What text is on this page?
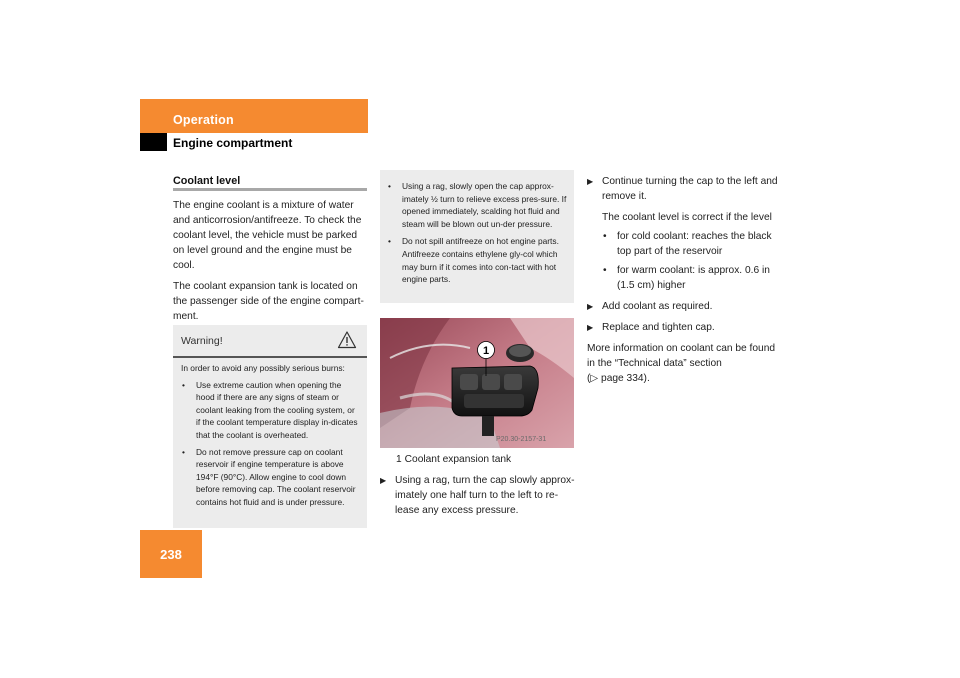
Operation
Engine compartment
Coolant level

The engine coolant is a mixture of water and anticorrosion/antifreeze. To check the coolant level, the vehicle must be parked on level ground and the engine must be cool.

The coolant expansion tank is located on the passenger side of the engine compart-ment.

Warning!

In order to avoid any possibly serious burns:

• Use extreme caution when opening the hood if there are any signs of steam or coolant leaking from the cooling system, or if the coolant temperature display in-dicates that the coolant is overheated.

• Do not remove pressure cap on coolant reservoir if engine temperature is above 194°F (90°C). Allow engine to cool down before removing cap. The coolant reservoir contains hot fluid and is under pressure.

• Using a rag, slowly open the cap approx-imately ½ turn to relieve excess pres-sure. If opened immediately, scalding hot fluid and steam will be blown out un-der pressure.

• Do not spill antifreeze on hot engine parts. Antifreeze contains ethylene gly-col which may burn if it comes into con-tact with hot engine parts.

1
P20.30-2157-31

1 Coolant expansion tank

▶ Using a rag, turn the cap slowly approx-imately one half turn to the left to re-lease any excess pressure.

▶ Continue turning the cap to the left and remove it.

The coolant level is correct if the level

• for cold coolant: reaches the black top part of the reservoir

• for warm coolant: is approx. 0.6 in (1.5 cm) higher

▶ Add coolant as required.

▶ Replace and tighten cap.

More information on coolant can be found in the “Technical data” section
(▷ page 334).

238
